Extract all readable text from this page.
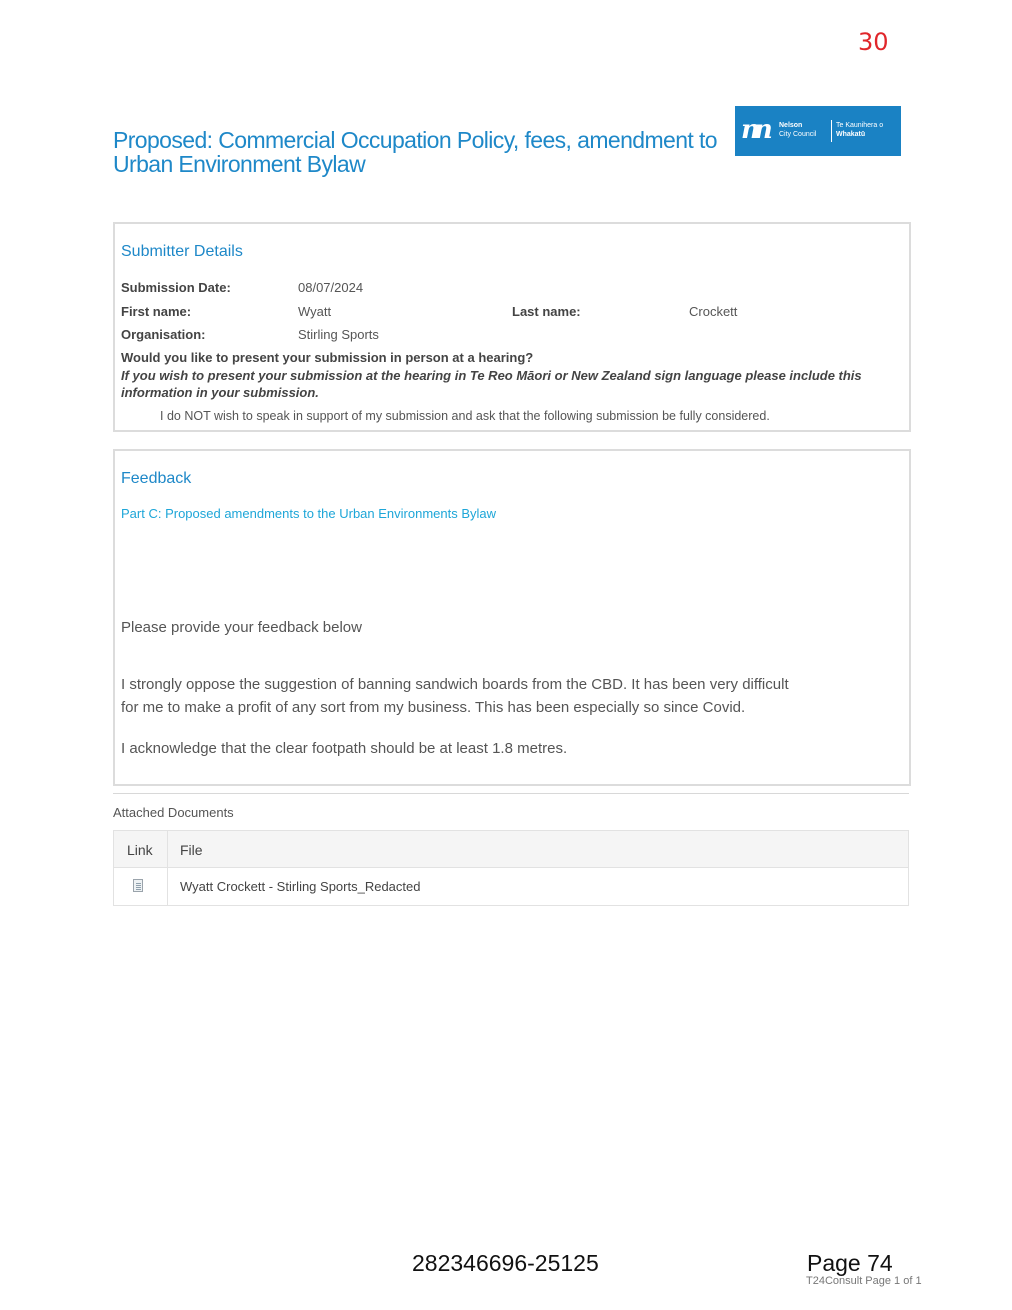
30
Proposed: Commercial Occupation Policy, fees, amendment to Urban Environment Bylaw
nn Nelson
City Council
Te Kaunihera o
Whakatū
Submitter Details
Submission Date:	08/07/2024
First name:	Wyatt	Last name:	Crockett
Organisation:	Stirling Sports
Would you like to present your submission in person at a hearing?
If you wish to present your submission at the hearing in Te Reo Māori or New Zealand sign language please include this information in your submission.
I do NOT wish to speak in support of my submission and ask that the following submission be fully considered.
Feedback
Part C: Proposed amendments to the Urban Environments Bylaw
Please provide your feedback below
I strongly oppose the suggestion of banning sandwich boards from the CBD. It has been very difficult
for me to make a profit of any sort from my business. This has been especially so since Covid.
I acknowledge that the clear footpath should be at least 1.8 metres.
Attached Documents
Link File
Wyatt Crockett - Stirling Sports_Redacted
282346696-25125	Page 74
T24Consult Page 1 of 1
